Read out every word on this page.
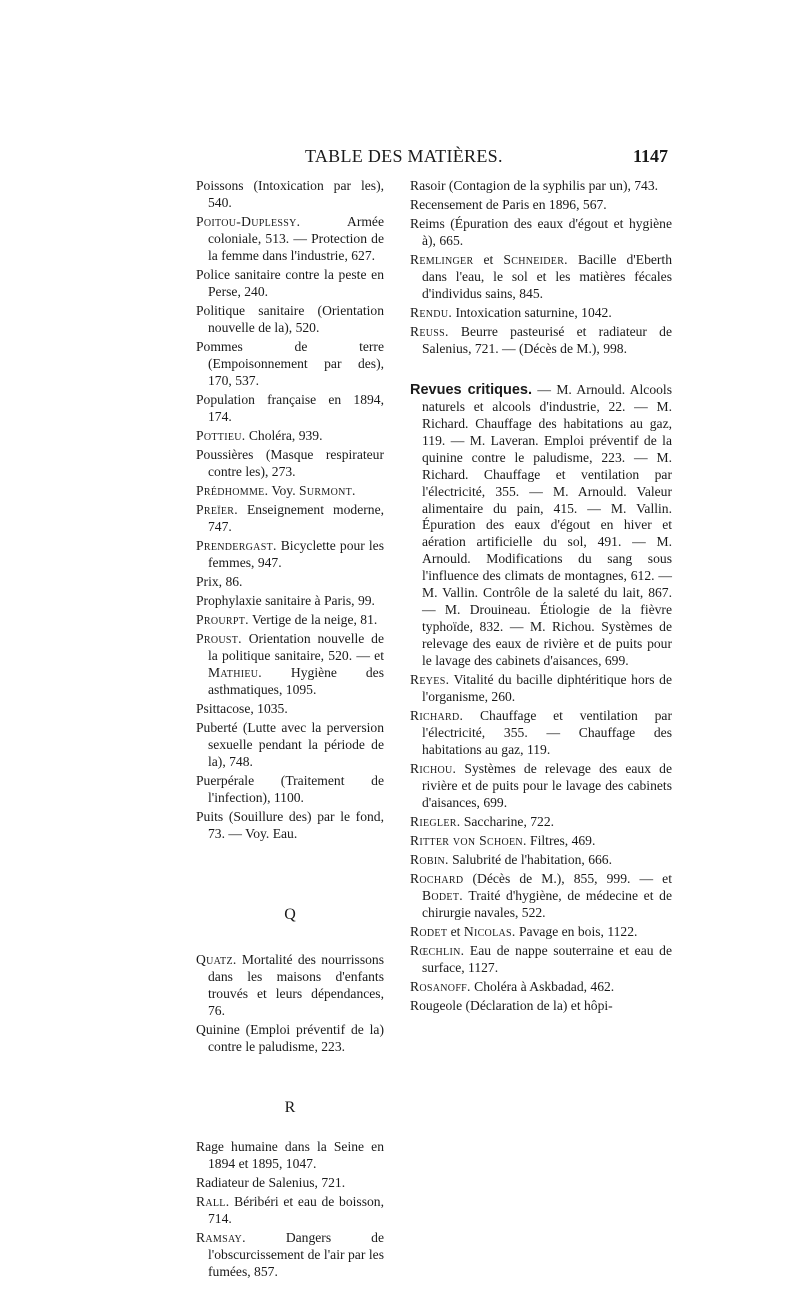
TABLE DES MATIÈRES.	1147

Poissons (Intoxication par les), 540.

Poitou-Duplessy. Armée coloniale, 513. — Protection de la femme dans l'industrie, 627.

Police sanitaire contre la peste en Perse, 240.

Politique sanitaire (Orientation nouvelle de la), 520.

Pommes de terre (Empoisonnement par des), 170, 537.

Population française en 1894, 174.

Pottieu. Choléra, 939.

Poussières (Masque respirateur contre les), 273.

Prédhomme. Voy. Surmont.

Preïer. Enseignement moderne, 747.

Prendergast. Bicyclette pour les femmes, 947.

Prix, 86.

Prophylaxie sanitaire à Paris, 99.

Prourpt. Vertige de la neige, 81.

Proust. Orientation nouvelle de la politique sanitaire, 520. — et Mathieu. Hygiène des asthmatiques, 1095.

Psittacose, 1035.

Puberté (Lutte avec la perversion sexuelle pendant la période de la), 748.

Puerpérale (Traitement de l'infection), 1100.

Puits (Souillure des) par le fond, 73. — Voy. Eau.

Q

Quatz. Mortalité des nourrissons dans les maisons d'enfants trouvés et leurs dépendances, 76.

Quinine (Emploi préventif de la) contre le paludisme, 223.

R

Rage humaine dans la Seine en 1894 et 1895, 1047.

Radiateur de Salenius, 721.

Rall. Béribéri et eau de boisson, 714.

Ramsay. Dangers de l'obscurcissement de l'air par les fumées, 857.

Rasoir (Contagion de la syphilis par un), 743.

Recensement de Paris en 1896, 567.

Reims (Épuration des eaux d'égout et hygiène à), 665.

Remlinger et Schneider. Bacille d'Eberth dans l'eau, le sol et les matières fécales d'individus sains, 845.

Rendu. Intoxication saturnine, 1042.

Reuss. Beurre pasteurisé et radiateur de Salenius, 721. — (Décès de M.), 998.

Revues critiques. — M. Arnould. Alcools naturels et alcools d'industrie, 22. — M. Richard. Chauffage des habitations au gaz, 119. — M. Laveran. Emploi préventif de la quinine contre le paludisme, 223. — M. Richard. Chauffage et ventilation par l'électricité, 355. — M. Arnould. Valeur alimentaire du pain, 415. — M. Vallin. Épuration des eaux d'égout en hiver et aération artificielle du sol, 491. — M. Arnould. Modifications du sang sous l'influence des climats de montagnes, 612. — M. Vallin. Contrôle de la saleté du lait, 867. — M. Drouineau. Étiologie de la fièvre typhoïde, 832. — M. Richou. Systèmes de relevage des eaux de rivière et de puits pour le lavage des cabinets d'aisances, 699.

Reyes. Vitalité du bacille diphtéritique hors de l'organisme, 260.

Richard. Chauffage et ventilation par l'électricité, 355. — Chauffage des habitations au gaz, 119.

Richou. Systèmes de relevage des eaux de rivière et de puits pour le lavage des cabinets d'aisances, 699.

Riegler. Saccharine, 722.

Ritter von Schoen. Filtres, 469.

Robin. Salubrité de l'habitation, 666.

Rochard (Décès de M.), 855, 999. — et Bodet. Traité d'hygiène, de médecine et de chirurgie navales, 522.

Rodet et Nicolas. Pavage en bois, 1122.

Rœchlin. Eau de nappe souterraine et eau de surface, 1127.

Rosanoff. Choléra à Askbadad, 462.

Rougeole (Déclaration de la) et hôpi-
